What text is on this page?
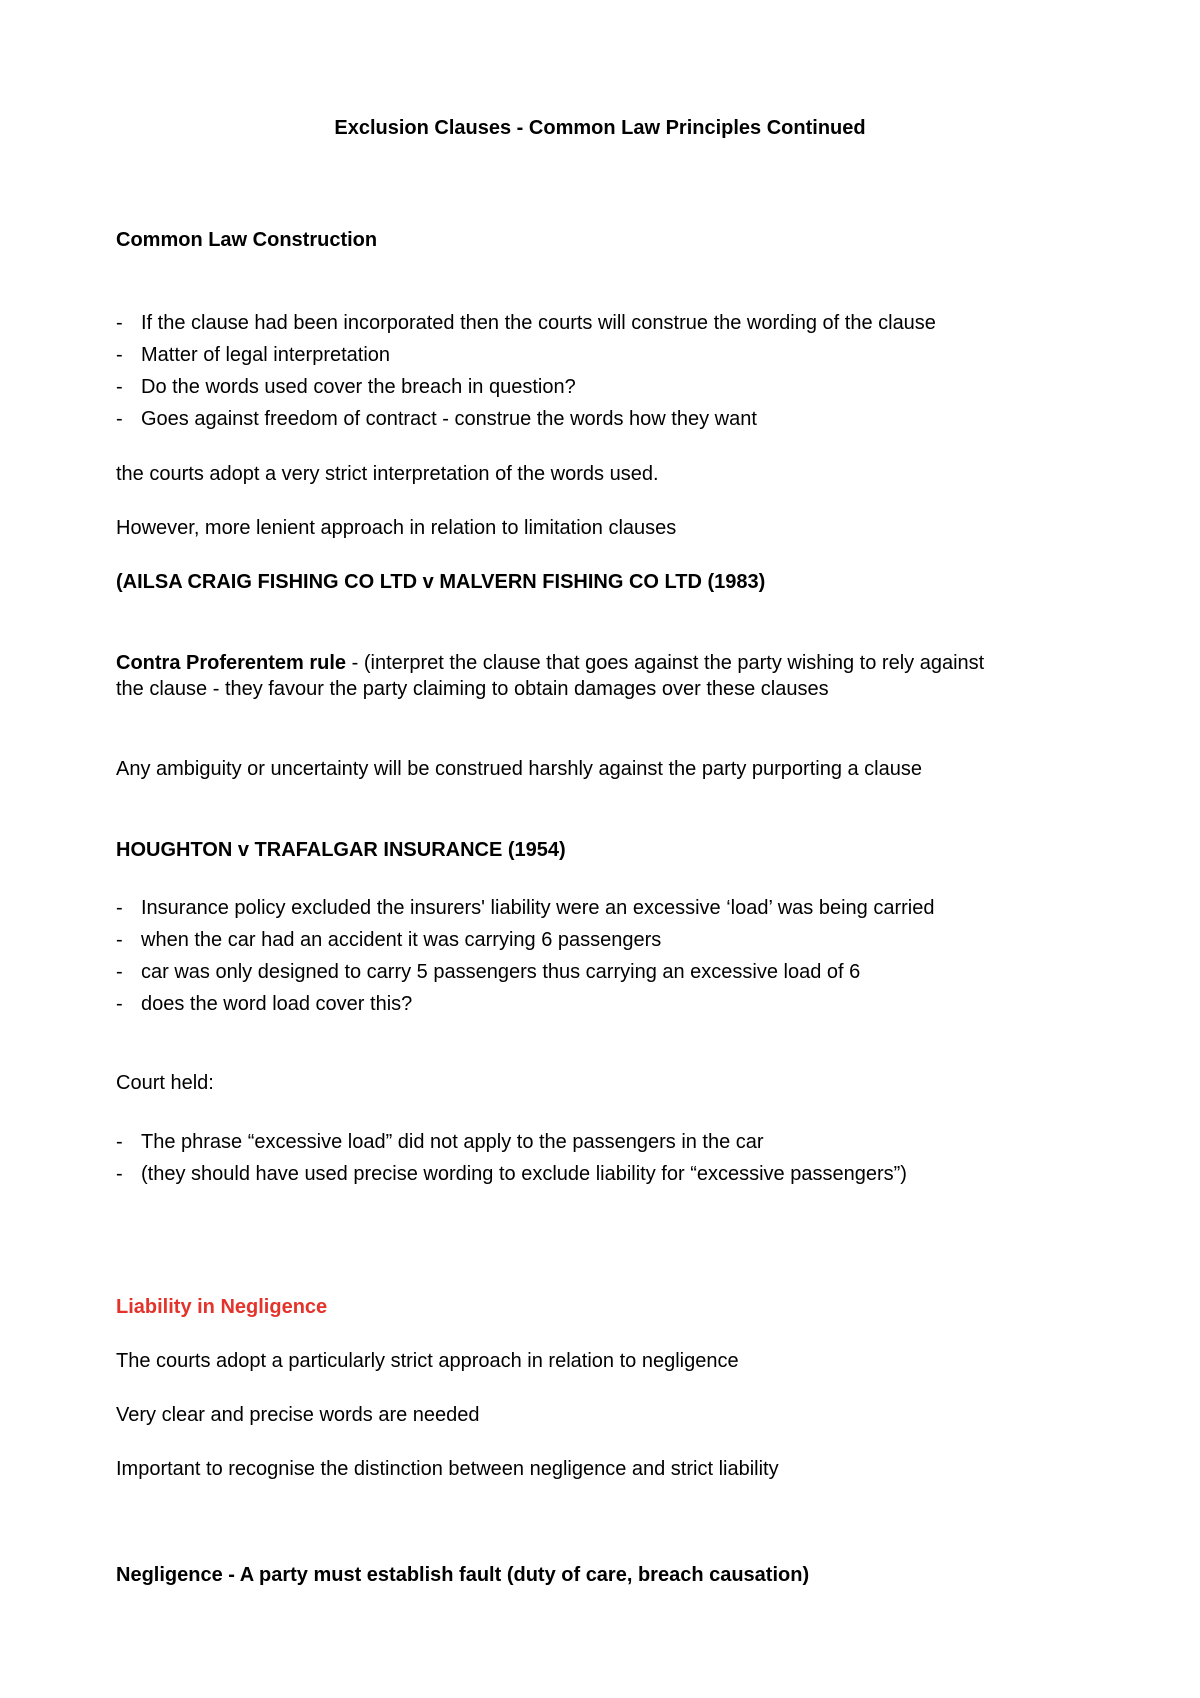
Exclusion Clauses - Common Law Principles Continued
Common Law Construction
- If the clause had been incorporated then the courts will construe the wording of the clause
- Matter of legal interpretation
- Do the words used cover the breach in question?
- Goes against freedom of contract - construe the words how they want
the courts adopt a very strict interpretation of the words used.
However, more lenient approach in relation to limitation clauses
(AILSA CRAIG FISHING CO LTD v MALVERN FISHING CO LTD (1983)
Contra Proferentem rule - (interpret the clause that goes against the party wishing to rely against
the clause - they favour the party claiming to obtain damages over these clauses
Any ambiguity or uncertainty will be construed harshly against the party purporting a clause
HOUGHTON v TRAFALGAR INSURANCE (1954)
- Insurance policy excluded the insurers' liability were an excessive ‘load’ was being carried
- when the car had an accident it was carrying 6 passengers
- car was only designed to carry 5 passengers thus carrying an excessive load of 6
- does the word load cover this?
Court held:
- The phrase “excessive load” did not apply to the passengers in the car
- (they should have used precise wording to exclude liability for “excessive passengers”)
Liability in Negligence
The courts adopt a particularly strict approach in relation to negligence
Very clear and precise words are needed
Important to recognise the distinction between negligence and strict liability
Negligence - A party must establish fault (duty of care, breach causation)
